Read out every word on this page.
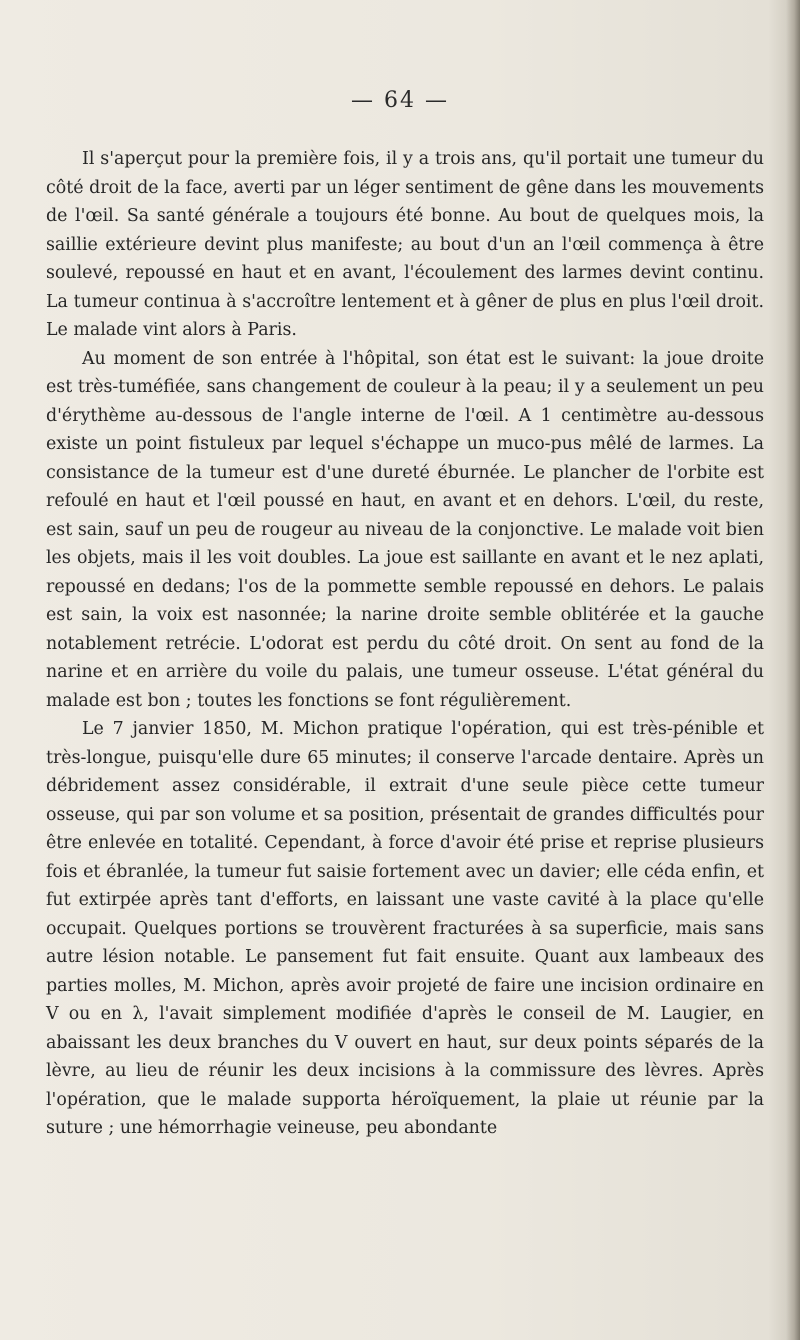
— 64 —

Il s'aperçut pour la première fois, il y a trois ans, qu'il portait une tumeur du côté droit de la face, averti par un léger sentiment de gêne dans les mouvements de l'œil. Sa santé générale a toujours été bonne. Au bout de quelques mois, la saillie extérieure devint plus manifeste; au bout d'un an l'œil commença à être soulevé, repoussé en haut et en avant, l'écoulement des larmes devint continu. La tumeur continua à s'accroître lentement et à gêner de plus en plus l'œil droit. Le malade vint alors à Paris.

Au moment de son entrée à l'hôpital, son état est le suivant: la joue droite est très-tuméfiée, sans changement de couleur à la peau; il y a seulement un peu d'érythème au-dessous de l'angle interne de l'œil. A 1 centimètre au-dessous existe un point fistuleux par lequel s'échappe un muco-pus mêlé de larmes. La consistance de la tumeur est d'une dureté éburnée. Le plancher de l'orbite est refoulé en haut et l'œil poussé en haut, en avant et en dehors. L'œil, du reste, est sain, sauf un peu de rougeur au niveau de la conjonctive. Le malade voit bien les objets, mais il les voit doubles. La joue est saillante en avant et le nez aplati, repoussé en dedans; l'os de la pommette semble repoussé en dehors. Le palais est sain, la voix est nasonnée; la narine droite semble oblitérée et la gauche notablement retrécie. L'odorat est perdu du côté droit. On sent au fond de la narine et en arrière du voile du palais, une tumeur osseuse. L'état général du malade est bon ; toutes les fonctions se font régulièrement.

Le 7 janvier 1850, M. Michon pratique l'opération, qui est très-pénible et très-longue, puisqu'elle dure 65 minutes; il conserve l'arcade dentaire. Après un débridement assez considérable, il extrait d'une seule pièce cette tumeur osseuse, qui par son volume et sa position, présentait de grandes difficultés pour être enlevée en totalité. Cependant, à force d'avoir été prise et reprise plusieurs fois et ébranlée, la tumeur fut saisie fortement avec un davier; elle céda enfin, et fut extirpée après tant d'efforts, en laissant une vaste cavité à la place qu'elle occupait. Quelques portions se trouvèrent fracturées à sa superficie, mais sans autre lésion notable. Le pansement fut fait ensuite. Quant aux lambeaux des parties molles, M. Michon, après avoir projeté de faire une incision ordinaire en V ou en λ, l'avait simplement modifiée d'après le conseil de M. Laugier, en abaissant les deux branches du V ouvert en haut, sur deux points séparés de la lèvre, au lieu de réunir les deux incisions à la commissure des lèvres. Après l'opération, que le malade supporta héroïquement, la plaie ut réunie par la suture ; une hémorrhagie veineuse, peu abondante
